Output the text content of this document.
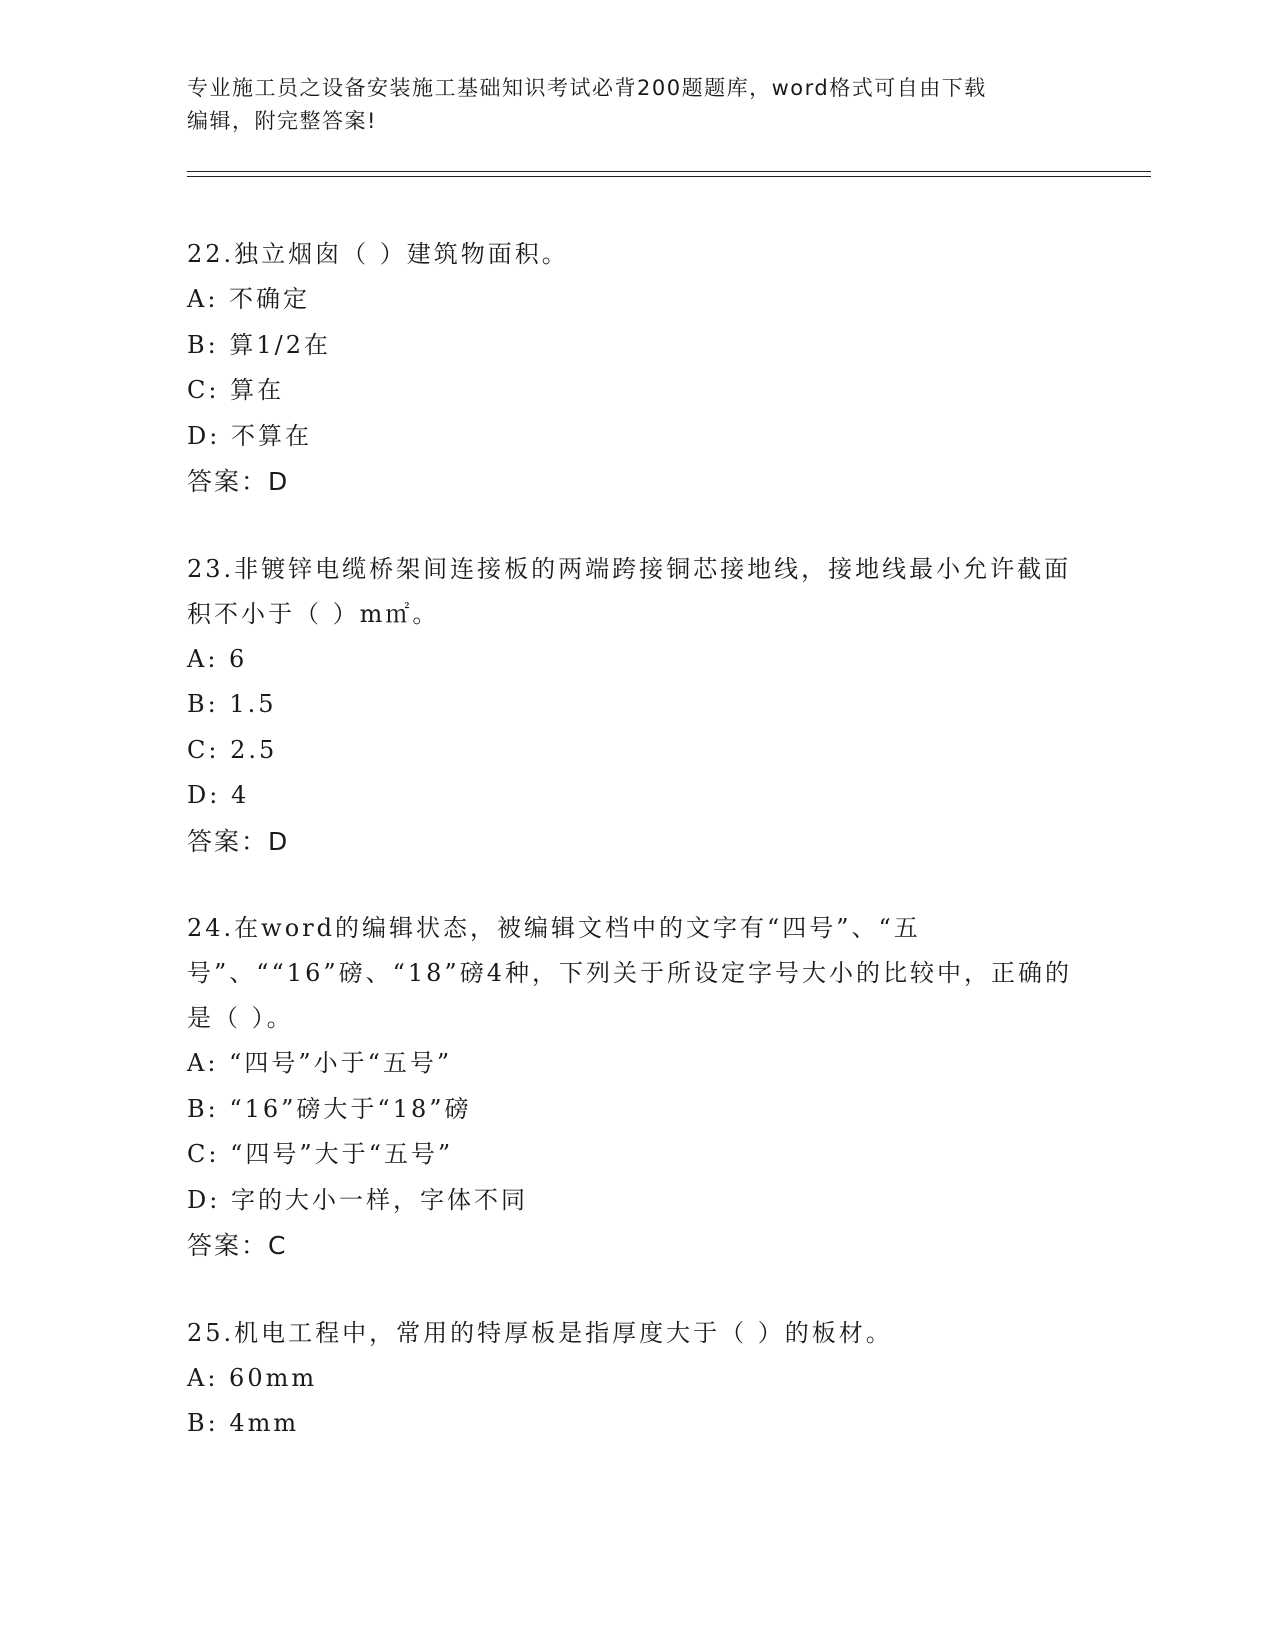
专业施工员之设备安装施工基础知识考试必背200题题库，word格式可自由下载
编辑，附完整答案!
22.独立烟囱（ ）建筑物面积。
A: 不确定
B: 算1/2在
C: 算在
D: 不算在
答案：D
23.非镀锌电缆桥架间连接板的两端跨接铜芯接地线，接地线最小允许截面积不小于（ ）m㎡。
A: 6
B: 1.5
C: 2.5
D: 4
答案：D
24.在word的编辑状态，被编辑文档中的文字有“四号”、“五号”、““16”磅、“18”磅4种，下列关于所设定字号大小的比较中，正确的是（ ）。
A: “四号”小于“五号”
B: “16”磅大于“18”磅
C: “四号”大于“五号”
D: 字的大小一样，字体不同
答案：C
25.机电工程中，常用的特厚板是指厚度大于（ ）的板材。
A: 60mm
B: 4mm
